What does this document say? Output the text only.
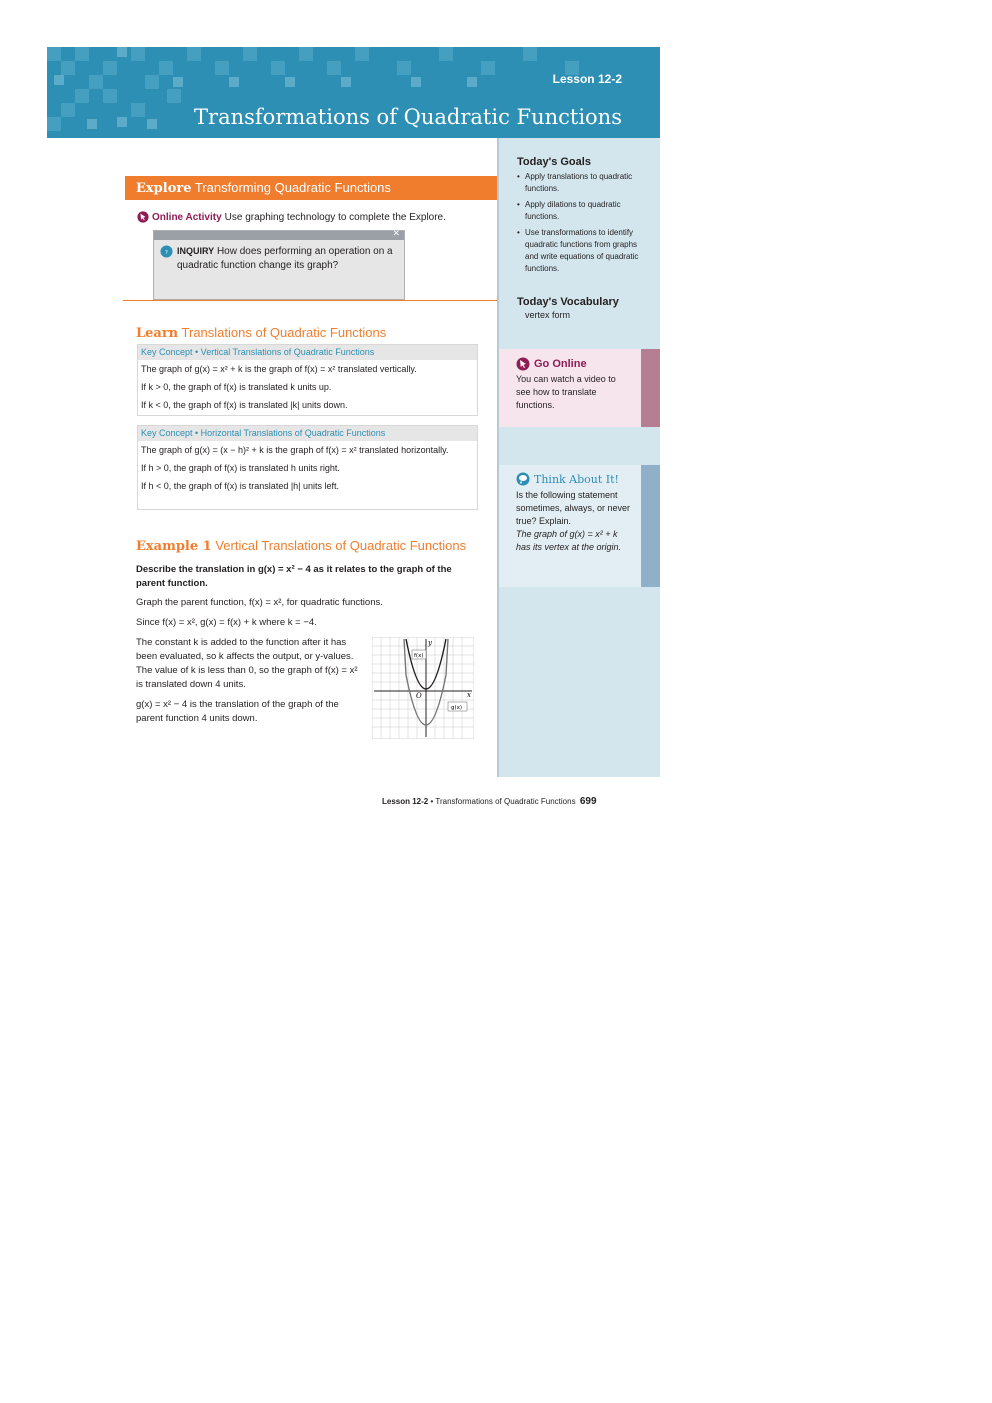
Lesson 12-2
Transformations of Quadratic Functions
Today's Goals
• Apply translations to quadratic functions.
• Apply dilations to quadratic functions.
• Use transformations to identify quadratic functions from graphs and write equations of quadratic functions.
Today's Vocabulary
vertex form
Go Online
You can watch a video to see how to translate functions.
Think About It!
Is the following statement sometimes, always, or never true? Explain.
The graph of g(x) = x² + k has its vertex at the origin.
Explore Transforming Quadratic Functions
Online Activity Use graphing technology to complete the Explore.
✕
? INQUIRY How does performing an operation on a quadratic function change its graph?
Learn Translations of Quadratic Functions
Key Concept • Vertical Translations of Quadratic Functions

The graph of g(x) = x² + k is the graph of f(x) = x² translated vertically.

If k > 0, the graph of f(x) is translated k units up.

If k < 0, the graph of f(x) is translated |k| units down.

Key Concept • Horizontal Translations of Quadratic Functions

The graph of g(x) = (x − h)² + k is the graph of f(x) = x² translated horizontally.

If h > 0, the graph of f(x) is translated h units right.

If h < 0, the graph of f(x) is translated |h| units left.

Example 1 Vertical Translations of Quadratic Functions
Describe the translation in g(x) = x² − 4 as it relates to the graph of the parent function.
Graph the parent function, f(x) = x², for quadratic functions.
Since f(x) = x², g(x) = f(x) + k where k = −4.
The constant k is added to the function after it has been evaluated, so k affects the output, or y-values. The value of k is less than 0, so the graph of f(x) = x² is translated down 4 units.
g(x) = x² − 4 is the translation of the graph of the parent function 4 units down.
y
x
O
f(x)
g(x)
Lesson 12-2 • Transformations of Quadratic Functions 699
